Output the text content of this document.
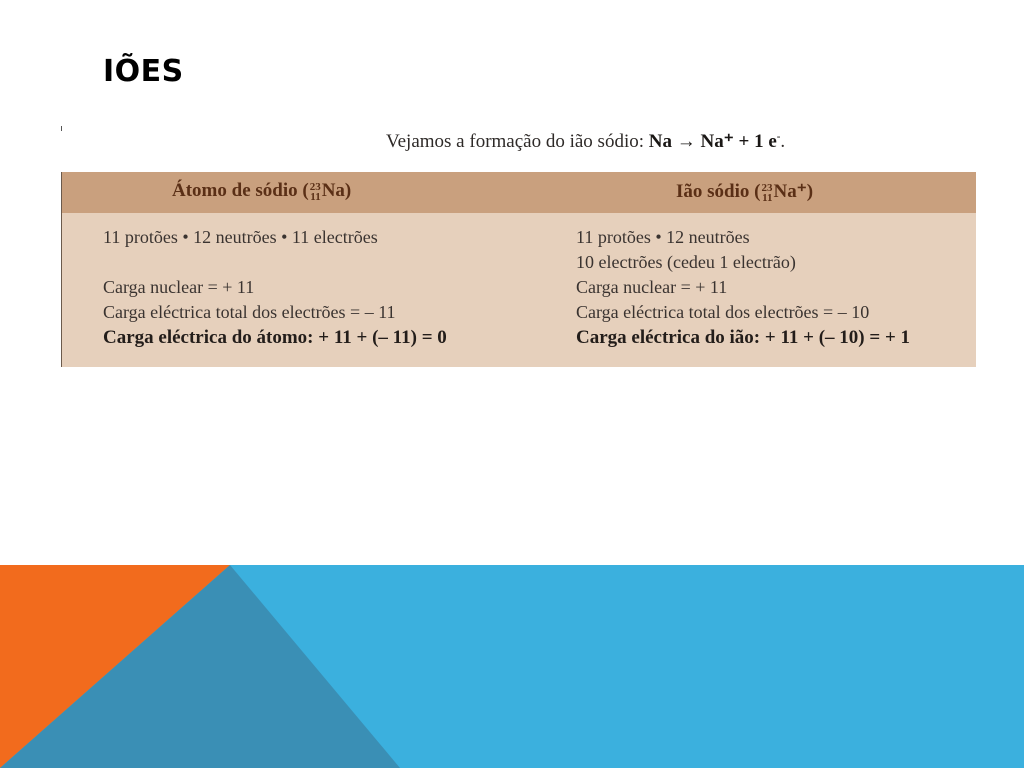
IÕES
Vejamos a formação do ião sódio: Na → Na⁺ + 1 e-.
Átomo de sódio ( 23
11 Na)	Ião sódio ( 23
11 Na⁺)
11 protões • 12 neutrões • 11 electrões
Carga nuclear = + 11
Carga eléctrica total dos electrões = – 11
Carga eléctrica do átomo: + 11 + (– 11) = 0
11 protões • 12 neutrões
10 electrões (cedeu 1 electrão)
Carga nuclear = + 11
Carga eléctrica total dos electrões = – 10
Carga eléctrica do ião: + 11 + (– 10) = + 1
